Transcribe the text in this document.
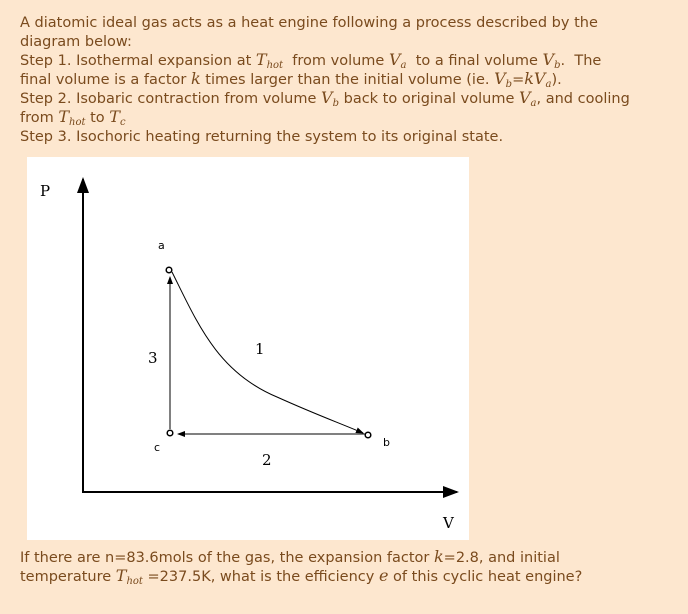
A diatomic ideal gas acts as a heat engine following a process described by the
diagram below:
Step 1. Isothermal expansion at $T_{hot}$  from volume $V_a$  to a final volume $V_b$.  The
final volume is a factor k times larger than the initial volume (ie. $V_b=kV_a$).
Step 2. Isobaric contraction from volume $V_b$ back to original volume $V_a$, and cooling
from $T_{hot}$ to $T_c$
Step 3. Isochoric heating returning the system to its original state.
P
V
a
c	b
1
2
3
If there are n=83.6mols of the gas, the expansion factor k=2.8, and initial
temperature $T_{hot} =237.5K$, what is the efficiency e of this cyclic heat engine?
